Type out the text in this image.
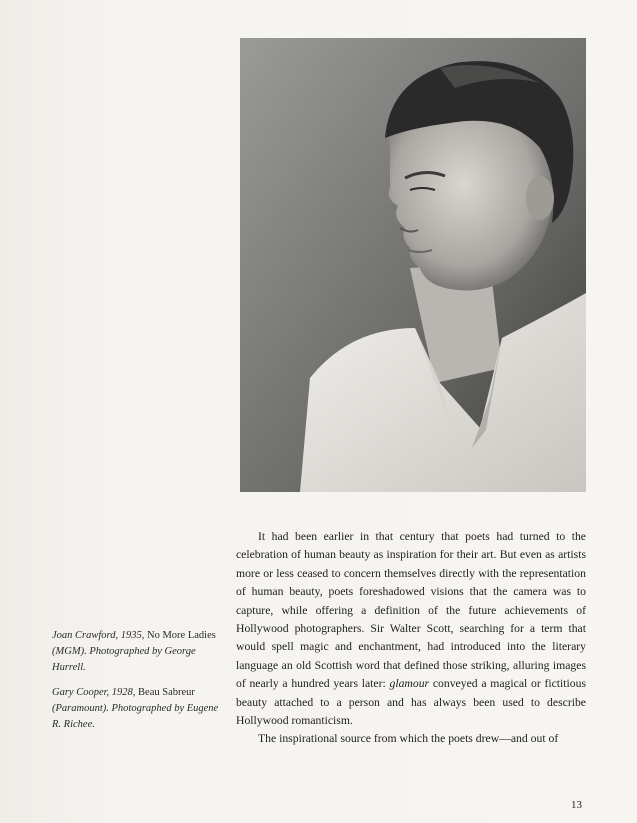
Joan Crawford, 1935, No More Ladies (MGM). Photographed by George Hurrell.

Gary Cooper, 1928, Beau Sabreur (Paramount). Photographed by Eugene R. Richee.

It had been earlier in that century that poets had turned to the celebration of human beauty as inspiration for their art. But even as artists more or less ceased to concern themselves directly with the representation of human beauty, poets foreshadowed visions that the camera was to capture, while offering a definition of the future achievements of Hollywood photographers. Sir Walter Scott, searching for a term that would spell magic and enchantment, had introduced into the literary language an old Scottish word that defined those striking, alluring images of nearly a hundred years later: glamour conveyed a magical or fictitious beauty attached to a person and has always been used to describe Hollywood romanticism.

The inspirational source from which the poets drew—and out of

13
